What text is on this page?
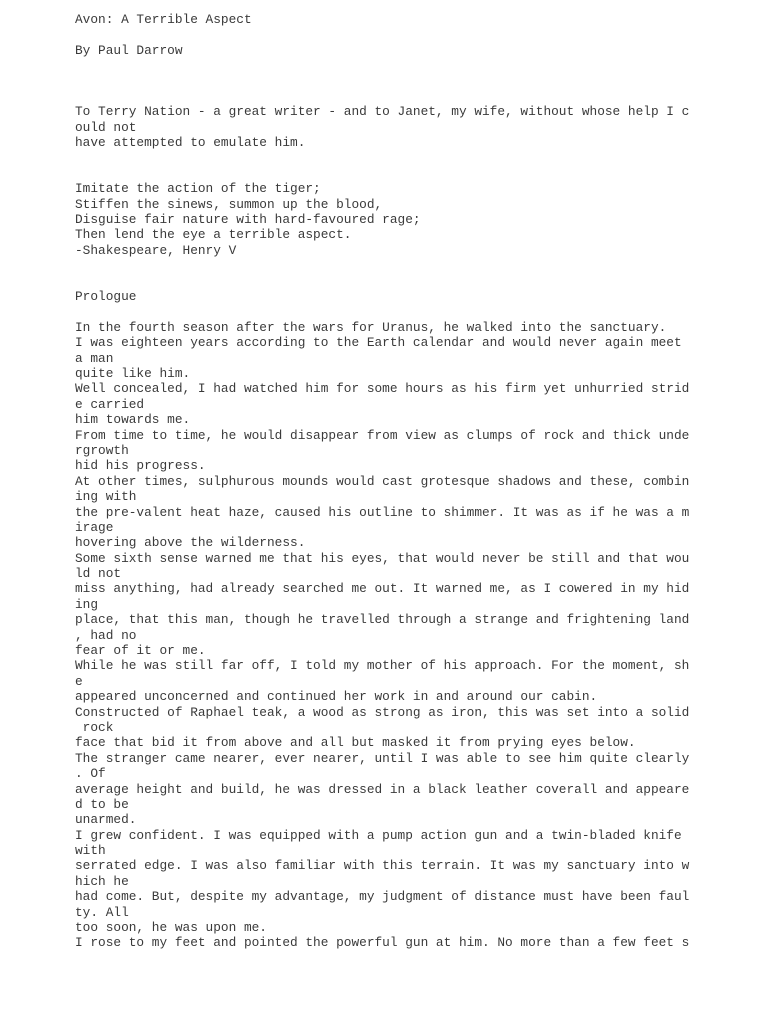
Avon: A Terrible Aspect
By Paul Darrow
To Terry Nation - a great writer - and to Janet, my wife, without whose help I c
ould not
have attempted to emulate him.
Imitate the action of the tiger;
Stiffen the sinews, summon up the blood,
Disguise fair nature with hard-favoured rage;
Then lend the eye a terrible aspect.
-Shakespeare, Henry V
Prologue
In the fourth season after the wars for Uranus, he walked into the sanctuary.
I was eighteen years according to the Earth calendar and would never again meet
a man
quite like him.
Well concealed, I had watched him for some hours as his firm yet unhurried strid
e carried
him towards me.
From time to time, he would disappear from view as clumps of rock and thick unde
rgrowth
hid his progress.
At other times, sulphurous mounds would cast grotesque shadows and these, combin
ing with
the pre-valent heat haze, caused his outline to shimmer. It was as if he was a m
irage
hovering above the wilderness.
Some sixth sense warned me that his eyes, that would never be still and that wou
ld not
miss anything, had already searched me out. It warned me, as I cowered in my hid
ing
place, that this man, though he travelled through a strange and frightening land
, had no
fear of it or me.
While he was still far off, I told my mother of his approach. For the moment, sh
e
appeared unconcerned and continued her work in and around our cabin.
Constructed of Raphael teak, a wood as strong as iron, this was set into a solid
rock
face that bid it from above and all but masked it from prying eyes below.
The stranger came nearer, ever nearer, until I was able to see him quite clearly
. Of
average height and build, he was dressed in a black leather coverall and appeare
d to be
unarmed.
I grew confident. I was equipped with a pump action gun and a twin-bladed knife
with
serrated edge. I was also familiar with this terrain. It was my sanctuary into w
hich he
had come. But, despite my advantage, my judgment of distance must have been faul
ty. All
too soon, he was upon me.
I rose to my feet and pointed the powerful gun at him. No more than a few feet s
